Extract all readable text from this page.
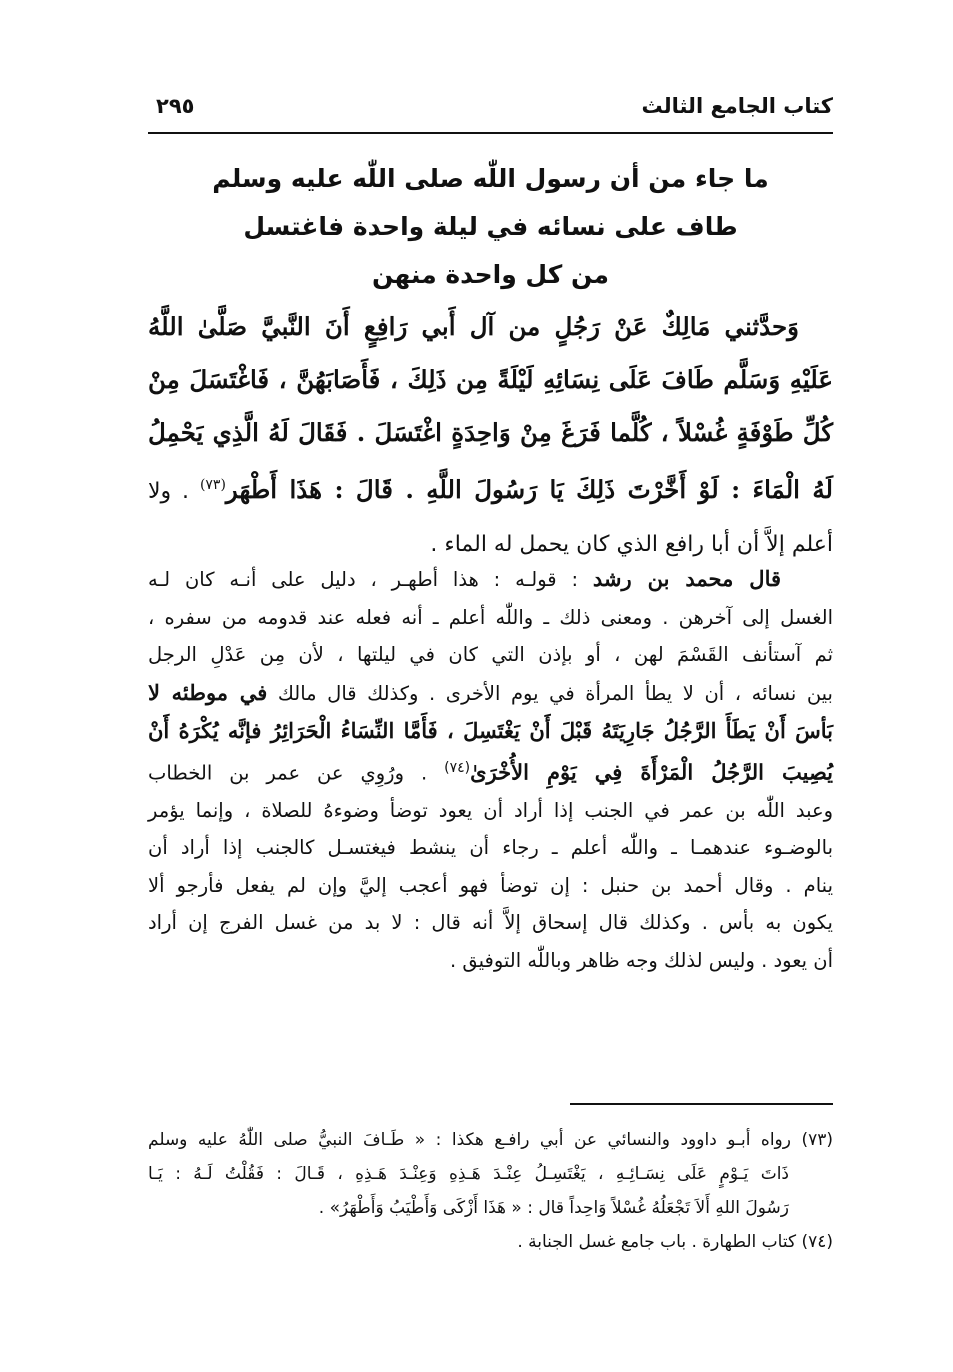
كتاب الجامع الثالث
٢٩٥
ما جاء من أن رسول اللّٰه صلى اللّٰه عليه وسلم
طاف على نسائه في ليلة واحدة فاغتسل
من كل واحدة منهن
وَحدَّثني مَالِكٌ عَنْ رَجُلٍ من آل أَبي رَافِعٍ أَنَ النَّبيَّ صَلَّىٰ اللَّهُ
عَلَيْهِ وَسَلَّم طَافَ عَلَى نِسَائِهِ لَيْلَةً مِن ذَلِكَ ، فَأَصَابَهُنَّ ، فَاغْتَسَلَ مِنْ
كُلِّ طَوْفَةٍ غُسْلاً ، كُلَّما فَرَغَ مِنْ وَاحِدَةٍ اغْتَسَلَ . فَقَالَ لَهُ الَّذِي يَحْمِلُ
لَهُ الْمَاءَ : لَوْ أَخَّرْتَ ذَلِكَ يَا رَسُولَ اللَّهِ . قَالَ : هَذَا أَطْهَر$^{(٧٣)}$ . ولا
أعلم إلاَّ أن أبا رافع الذي كان يحمل له الماء .
قال محمد بن رشد : قولـه : هذا أطهـر ، دليل على أنـه كان لـه
الغسل إلى آخرهن . ومعنى ذلك ـ واللّٰه أعلم ـ أنه فعله عند قدومه من سفره ،
ثم آستأنف القَسْمَ لهن ، أو بإذن التي كان في ليلتها ، لأن مِن عَدْلِ الرجل
بين نسائه ، أن لا يطأ المرأة في يوم الأخرى . وكذلك قال مالك في موطئه لا
بَأسَ أَنْ يَطَأَ الرَّجُلُ جَارِيَتَهُ قَبْلَ أَنْ يَغْتَسِلَ ، فَأَمَّا النِّسَاءُ الْحَرَائِرُ فإنَّه يُكْرَهُ أَنْ
يُصِيبَ الرَّجُلُ الْمَرْأَةَ فِي يَوْمِ الأُخْرَىٰ$^{(٧٤)}$ . ورُوِي عن عمر بن الخطاب
وعبد اللّٰه بن عمر في الجنب إذا أراد أن يعود توضأ وضوءهُ للصلاة ، وإنما يؤمر
بالوضـوء عندهمـا ـ واللّٰه أعلم ـ رجاء أن ينشط فيغتسـل كالجنب إذا أراد أن
ينام . وقال أحمد بن حنبل : إن توضأ فهو أعجب إليَّ وإن لم يفعل فأرجو ألا
يكون به بأس . وكذلك قال إسحاق إلاَّ أنه قال : لا بد من غسل الفرج إن أراد
أن يعود . وليس لذلك وجه ظاهر وباللّٰه التوفيق .
(٧٣) رواه أبـو داوود والنسائي عن أبي رافـع هكذا : « طَـافَ النبيُّ صلى اللّٰهُ عليه وسلم
ذَاتَ يَـوْمٍ عَلَى نِسَـائِـهِ ، يَغْتَسِـلُ عِنْـدَ هَـذِهِ وَعِنْـدَ هَـذِهِ ، قَـالَ : فَقُلْتُ لَـهُ : يَـا
رَسُولَ اللهِ أَلاَ تَجْعَلُهُ غُسْلاً وَاحِداً قال : « هَذَا أَزْكَى وَأَطْيَبُ وَأَطْهَرُ» .
(٧٤) كتاب الطهارة . باب جامع غسل الجنابة .
